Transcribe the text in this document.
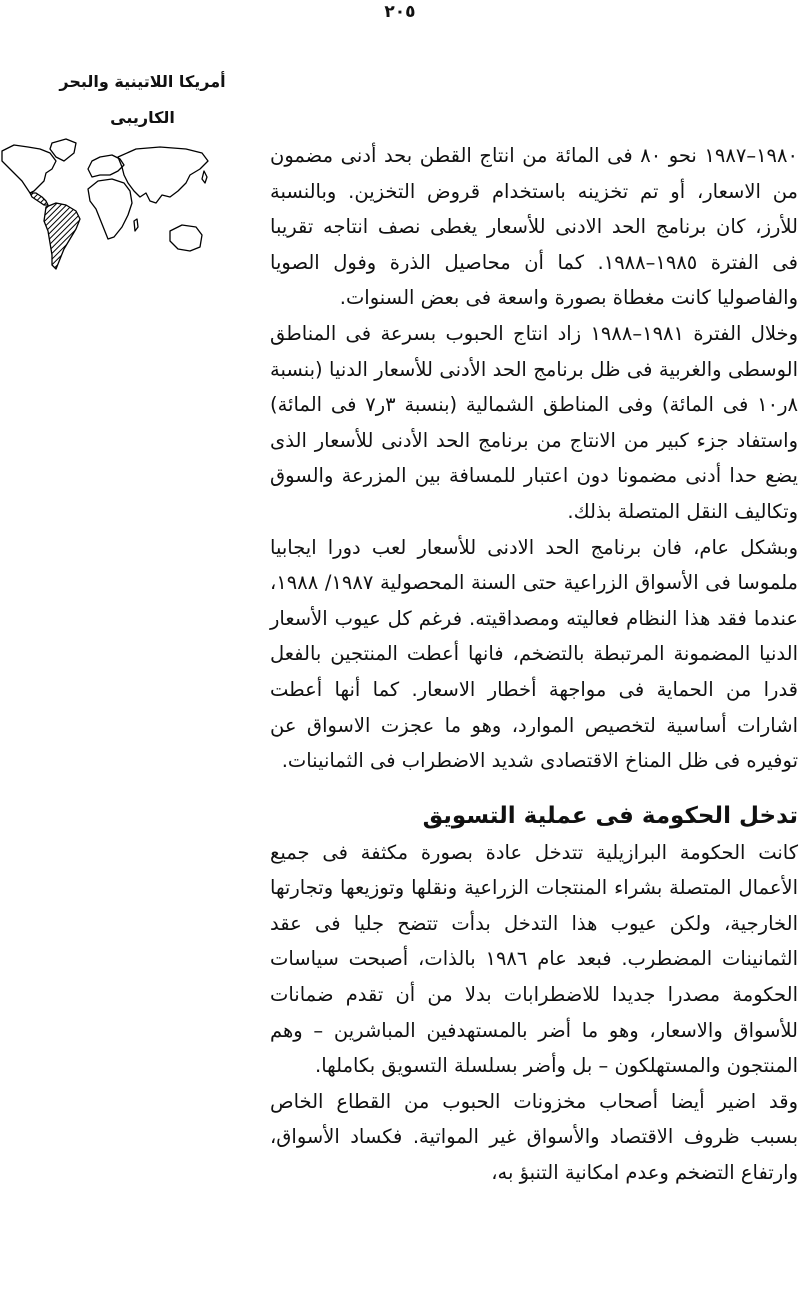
٢٠٥
أمريكا اللاتينية والبحر
الكاريبى

١٩٨٠–١٩٨٧ نحو ٨٠ فى المائة من انتاج القطن بحد أدنى مضمون من الاسعار، أو تم تخزينه باستخدام قروض التخزين. وبالنسبة للأرز، كان برنامج الحد الادنى للأسعار يغطى نصف انتاجه تقريبا فى الفترة ١٩٨٥–١٩٨٨. كما أن محاصيل الذرة وفول الصويا والفاصوليا كانت مغطاة بصورة واسعة فى بعض السنوات.

وخلال الفترة ١٩٨١–١٩٨٨ زاد انتاج الحبوب بسرعة فى المناطق الوسطى والغربية فى ظل برنامج الحد الأدنى للأسعار الدنيا (بنسبة ٨ر١٠ فى المائة) وفى المناطق الشمالية (بنسبة ٣ر٧ فى المائة) واستفاد جزء كبير من الانتاج من برنامج الحد الأدنى للأسعار الذى يضع حدا أدنى مضمونا دون اعتبار للمسافة بين المزرعة والسوق وتكاليف النقل المتصلة بذلك.

وبشكل عام، فان برنامج الحد الادنى للأسعار لعب دورا ايجابيا ملموسا فى الأسواق الزراعية حتى السنة المحصولية ١٩٨٧/ ١٩٨٨، عندما فقد هذا النظام فعاليته ومصداقيته. فرغم كل عيوب الأسعار الدنيا المضمونة المرتبطة بالتضخم، فانها أعطت المنتجين بالفعل قدرا من الحماية فى مواجهة أخطار الاسعار. كما أنها أعطت اشارات أساسية لتخصيص الموارد، وهو ما عجزت الاسواق عن توفيره فى ظل المناخ الاقتصادى شديد الاضطراب فى الثمانينات.

تدخل الحكومة فى عملية التسويق

كانت الحكومة البرازيلية تتدخل عادة بصورة مكثفة فى جميع الأعمال المتصلة بشراء المنتجات الزراعية ونقلها وتوزيعها وتجارتها الخارجية، ولكن عيوب هذا التدخل بدأت تتضح جليا فى عقد الثمانينات المضطرب. فبعد عام ١٩٨٦ بالذات، أصبحت سياسات الحكومة مصدرا جديدا للاضطرابات بدلا من أن تقدم ضمانات للأسواق والاسعار، وهو ما أضر بالمستهدفين المباشرين – وهم المنتجون والمستهلكون – بل وأضر بسلسلة التسويق بكاملها.

وقد اضير أيضا أصحاب مخزونات الحبوب من القطاع الخاص بسبب ظروف الاقتصاد والأسواق غير المواتية. فكساد الأسواق، وارتفاع التضخم وعدم امكانية التنبؤ به،
